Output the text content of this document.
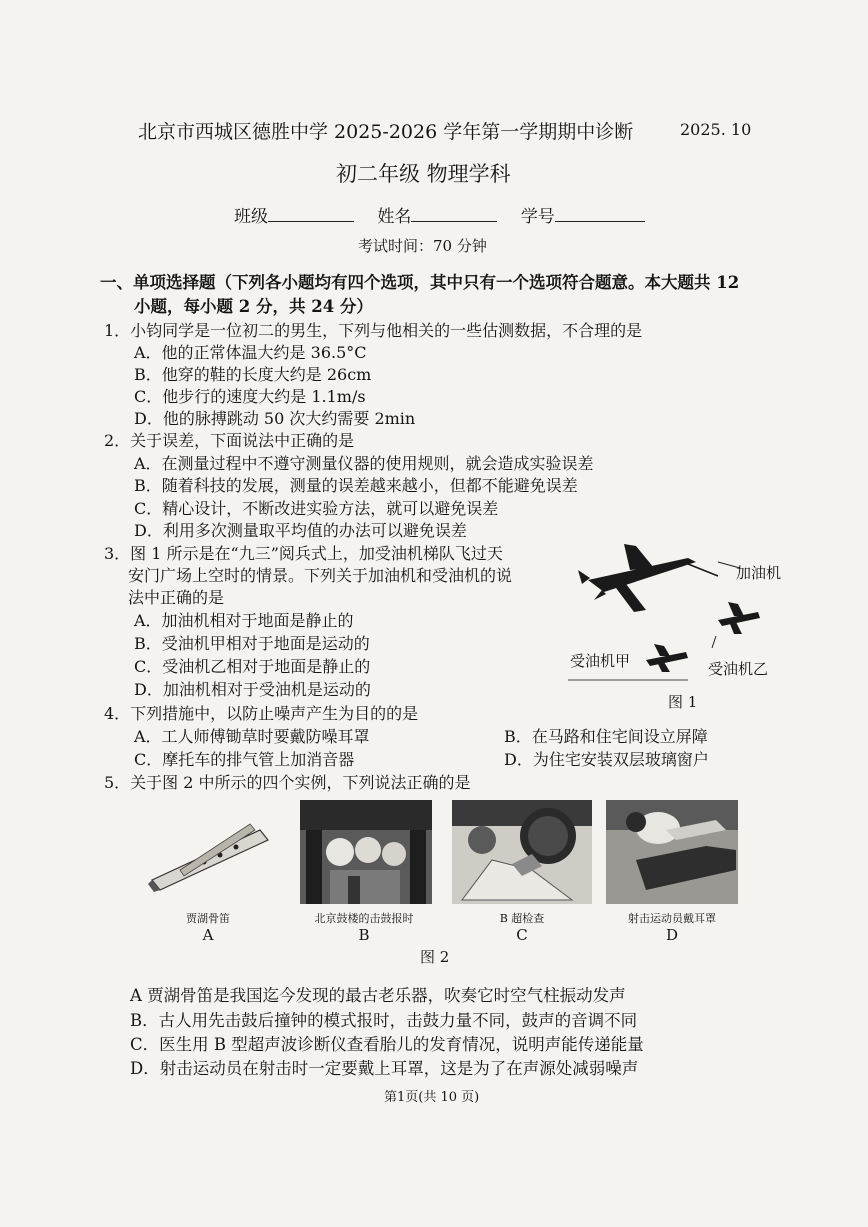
北京市西城区德胜中学 2025-2026 学年第一学期期中诊断	2025. 10
初二年级 物理学科
班级	姓名	学号
考试时间：70 分钟
一、单项选择题（下列各小题均有四个选项，其中只有一个选项符合题意。本大题共 12
小题，每小题 2 分，共 24 分）
1．小钧同学是一位初二的男生，下列与他相关的一些估测数据，不合理的是
A．他的正常体温大约是 36.5°C
B．他穿的鞋的长度大约是 26cm
C．他步行的速度大约是 1.1m/s
D．他的脉搏跳动 50 次大约需要 2min
2．关于误差，下面说法中正确的是
A．在测量过程中不遵守测量仪器的使用规则，就会造成实验误差
B．随着科技的发展，测量的误差越来越小，但都不能避免误差
C．精心设计，不断改进实验方法，就可以避免误差
D．利用多次测量取平均值的办法可以避免误差
3．图 1 所示是在“九三”阅兵式上，加受油机梯队飞过天
安门广场上空时的情景。下列关于加油机和受油机的说
法中正确的是
A．加油机相对于地面是静止的
B．受油机甲相对于地面是运动的
C．受油机乙相对于地面是静止的
D．加油机相对于受油机是运动的
加油机
受油机甲	受油机乙
图 1
4．下列措施中，以防止噪声产生为目的的是
A．工人师傅锄草时要戴防噪耳罩	B．在马路和住宅间设立屏障
C．摩托车的排气管上加消音器	D．为住宅安装双层玻璃窗户
5．关于图 2 中所示的四个实例，下列说法正确的是
贾湖骨笛	北京鼓楼的击鼓报时	B 超检查	射击运动员戴耳罩
A	B	C	D
图 2
A 贾湖骨笛是我国迄今发现的最古老乐器，吹奏它时空气柱振动发声
B．古人用先击鼓后撞钟的模式报时，击鼓力量不同，鼓声的音调不同
C．医生用 B 型超声波诊断仪查看胎儿的发育情况，说明声能传递能量
D．射击运动员在射击时一定要戴上耳罩，这是为了在声源处减弱噪声
第1页(共 10 页)
